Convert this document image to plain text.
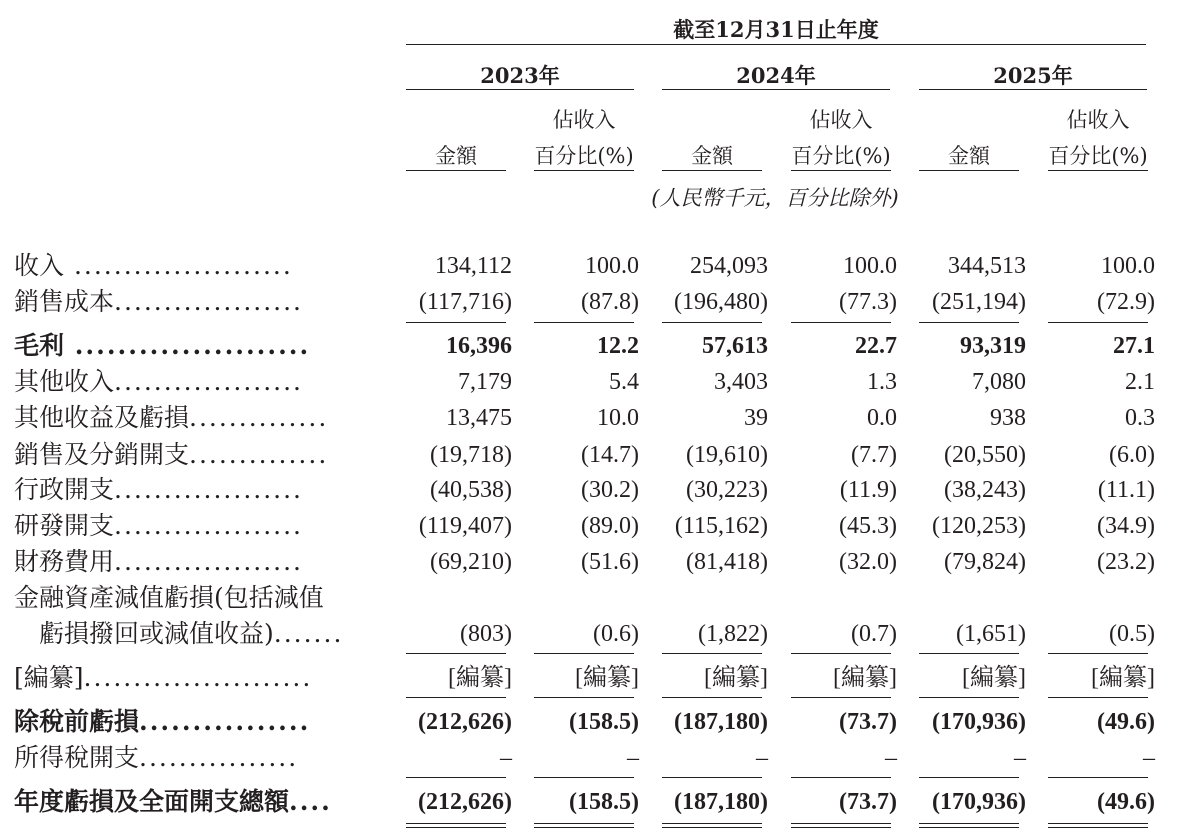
截至12月31日止年度
2023年	2024年	2025年
佔收入	佔收入	佔收入
金額	百分比(%)	金額	百分比(%)	金額	百分比(%)
(人民幣千元，百分比除外)
收入 ......................	134,112	100.0 254,093	100.0 344,513	100.0
銷售成本...................	(117,716)	(87.8) (196,480)	(77.3) (251,194)	(72.9)
毛利 ......................	16,396	12.2	57,613	22.7	93,319	27.1
其他收入...................	7,179	5.4	3,403	1.3	7,080	2.1
其他收益及虧損..............	13,475	10.0	39	0.0	938	0.3
銷售及分銷開支..............	(19,718)	(14.7) (19,610)	(7.7) (20,550)	(6.0)
行政開支...................	(40,538)	(30.2) (30,223)	(11.9) (38,243)	(11.1)
研發開支...................	(119,407)	(89.0) (115,162)	(45.3) (120,253)	(34.9)
財務費用...................	(69,210)	(51.6) (81,418)	(32.0) (79,824)	(23.2)
金融資產減值虧損(包括減值
　虧損撥回或減值收益).......	(803)	(0.6) (1,822)	(0.7) (1,651)	(0.5)
[編纂].......................	[編纂]	[編纂]	[編纂]	[編纂]	[編纂]	[編纂]
除稅前虧損................	(212,626) (158.5) (187,180)	(73.7) (170,936)	(49.6)
所得稅開支................	–	–	–	–	–	–
年度虧損及全面開支總額....	(212,626) (158.5) (187,180)	(73.7) (170,936)	(49.6)
